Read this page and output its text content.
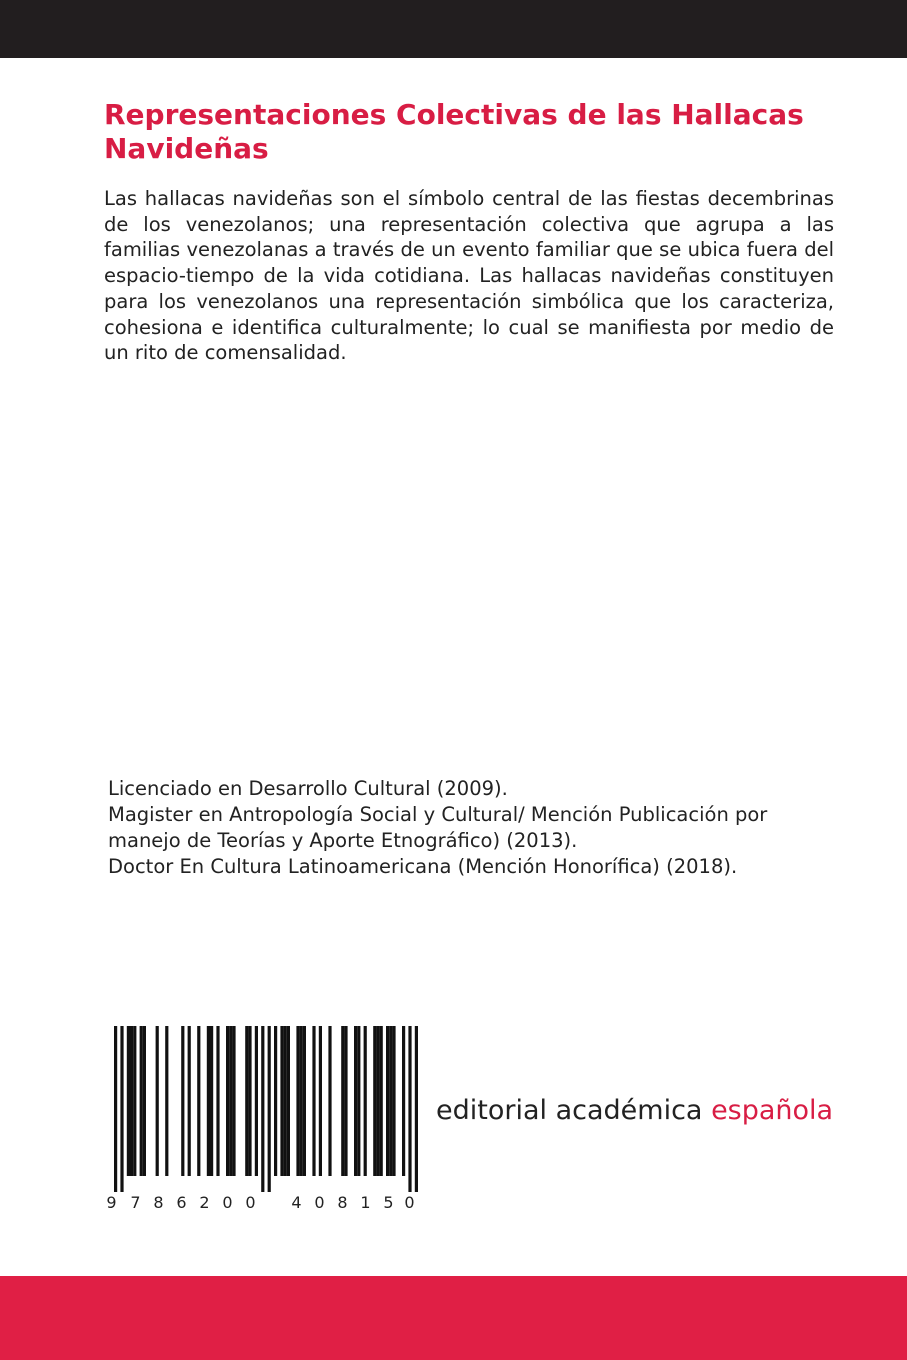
Representaciones Colectivas de las Hallacas Navideñas

Las hallacas navideñas son el símbolo central de las fiestas decembrinas de los venezolanos; una representación colectiva que agrupa a las familias venezolanas a través de un evento familiar que se ubica fuera del espacio-tiempo de la vida cotidiana. Las hallacas navideñas constituyen para los venezolanos una representación simbólica que los caracteriza, cohesiona e identifica culturalmente; lo cual se manifiesta por medio de un rito de comensalidad.

Licenciado en Desarrollo Cultural (2009).
Magister en Antropología Social y Cultural/ Mención Publicación por
manejo de Teorías y Aporte Etnográfico) (2013).
Doctor En Cultura Latinoamericana (Mención Honorífica) (2018).
9 7 8 6 2 0 0 4 0 8 1 5 0
editorial académica española
